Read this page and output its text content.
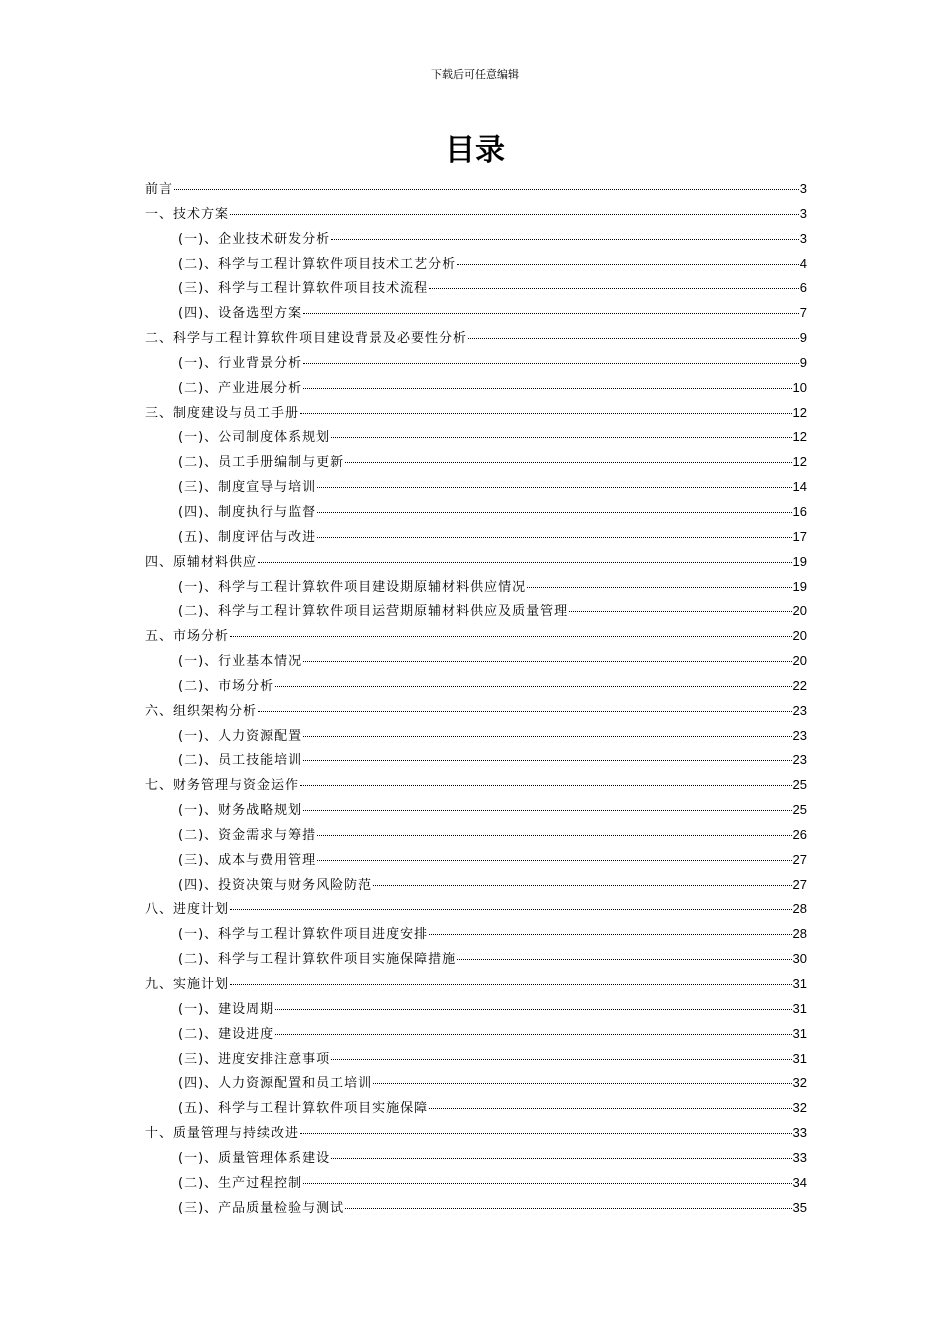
下载后可任意编辑
目录
前言	3
一、技术方案	3
(一)、企业技术研发分析	3
(二)、科学与工程计算软件项目技术工艺分析	4
(三)、科学与工程计算软件项目技术流程	6
(四)、设备选型方案	7
二、科学与工程计算软件项目建设背景及必要性分析	9
(一)、行业背景分析	9
(二)、产业进展分析	10
三、制度建设与员工手册	12
(一)、公司制度体系规划	12
(二)、员工手册编制与更新	12
(三)、制度宣导与培训	14
(四)、制度执行与监督	16
(五)、制度评估与改进	17
四、原辅材料供应	19
(一)、科学与工程计算软件项目建设期原辅材料供应情况	19
(二)、科学与工程计算软件项目运营期原辅材料供应及质量管理	20
五、市场分析	20
(一)、行业基本情况	20
(二)、市场分析	22
六、组织架构分析	23
(一)、人力资源配置	23
(二)、员工技能培训	23
七、财务管理与资金运作	25
(一)、财务战略规划	25
(二)、资金需求与筹措	26
(三)、成本与费用管理	27
(四)、投资决策与财务风险防范	27
八、进度计划	28
(一)、科学与工程计算软件项目进度安排	28
(二)、科学与工程计算软件项目实施保障措施	30
九、实施计划	31
(一)、建设周期	31
(二)、建设进度	31
(三)、进度安排注意事项	31
(四)、人力资源配置和员工培训	32
(五)、科学与工程计算软件项目实施保障	32
十、质量管理与持续改进	33
(一)、质量管理体系建设	33
(二)、生产过程控制	34
(三)、产品质量检验与测试	35
